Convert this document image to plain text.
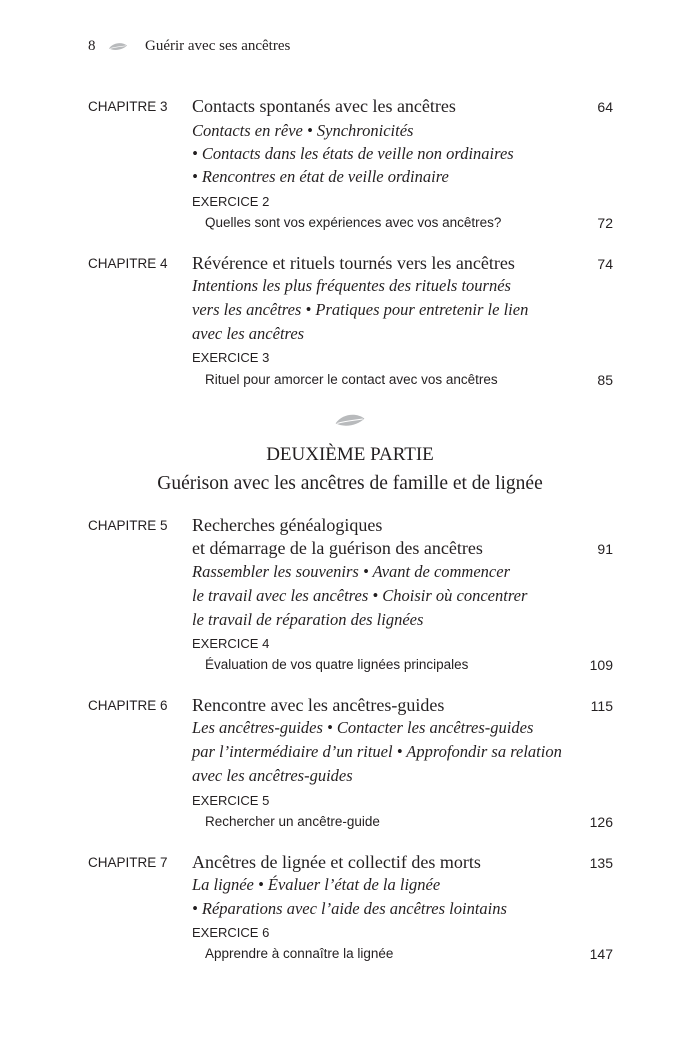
8	Guérir avec ses ancêtres
CHAPITRE 3 Contacts spontanés avec les ancêtres	64
Contacts en rêve • Synchronicités
• Contacts dans les états de veille non ordinaires
• Rencontres en état de veille ordinaire
EXERCICE 2
Quelles sont vos expériences avec vos ancêtres?	72
CHAPITRE 4 Révérence et rituels tournés vers les ancêtres	74
Intentions les plus fréquentes des rituels tournés
vers les ancêtres • Pratiques pour entretenir le lien
avec les ancêtres
EXERCICE 3
Rituel pour amorcer le contact avec vos ancêtres	85
DEUXIÈME PARTIE
Guérison avec les ancêtres de famille et de lignée
CHAPITRE 5 Recherches généalogiques
et démarrage de la guérison des ancêtres	91
Rassembler les souvenirs • Avant de commencer
le travail avec les ancêtres • Choisir où concentrer
le travail de réparation des lignées
EXERCICE 4
Évaluation de vos quatre lignées principales	109
CHAPITRE 6 Rencontre avec les ancêtres-guides	115
Les ancêtres-guides • Contacter les ancêtres-guides
par l’intermédiaire d’un rituel • Approfondir sa relation
avec les ancêtres-guides
EXERCICE 5
Rechercher un ancêtre-guide	126
CHAPITRE 7 Ancêtres de lignée et collectif des morts	135
La lignée • Évaluer l’état de la lignée
• Réparations avec l’aide des ancêtres lointains
EXERCICE 6
Apprendre à connaître la lignée	147
